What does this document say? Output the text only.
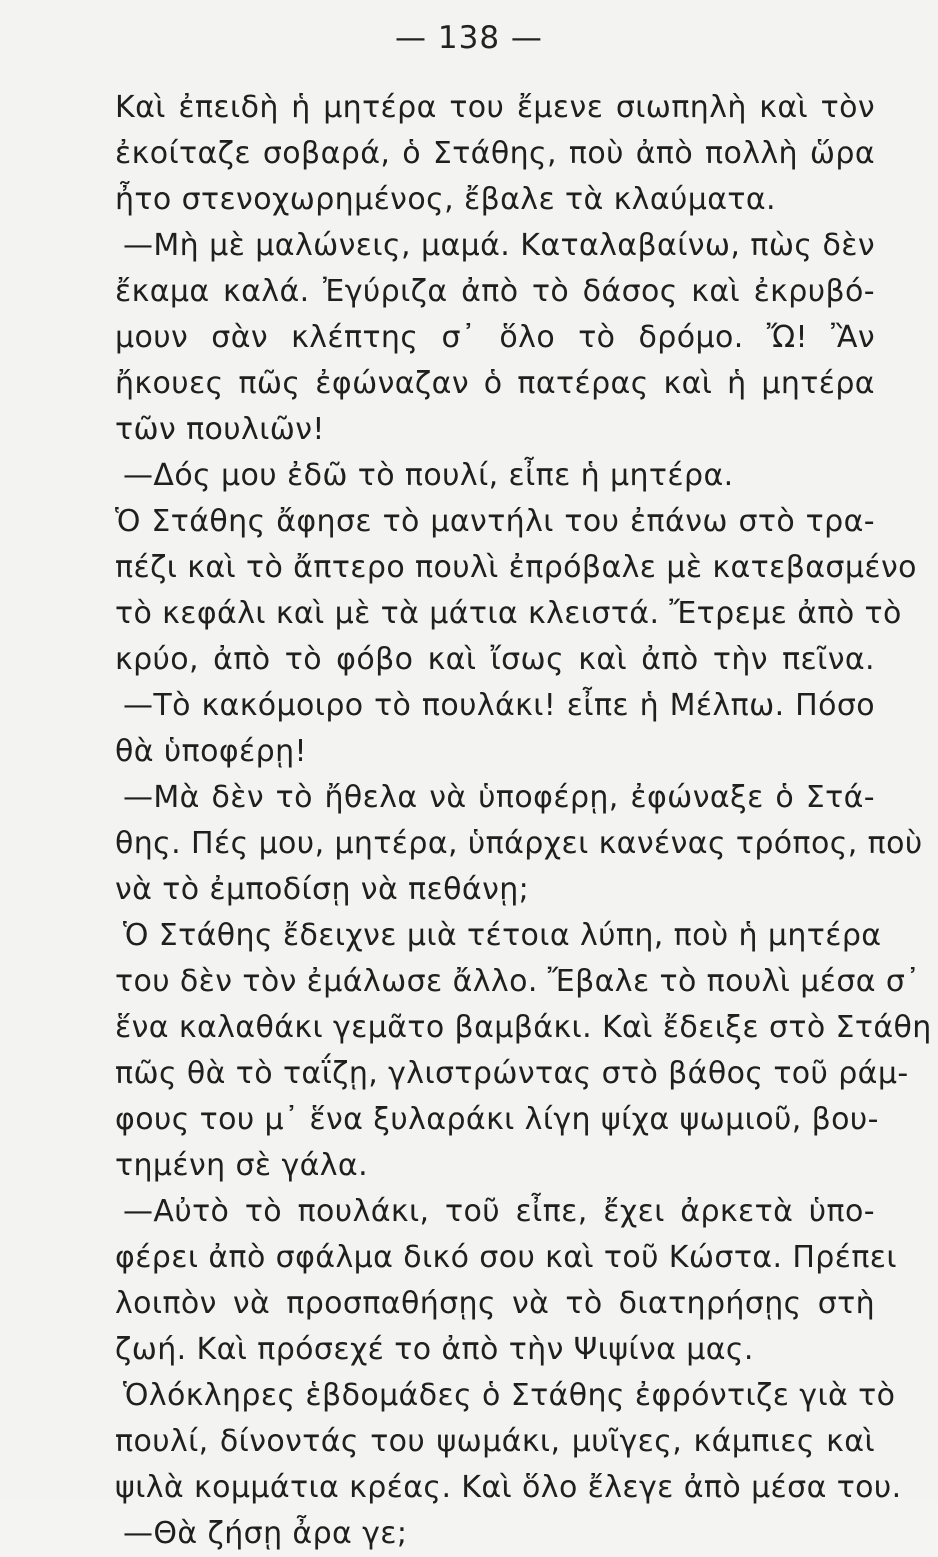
— 138 —
Καὶ ἐπειδὴ ἡ μητέρα του ἔμενε σιωπηλὴ καὶ τὸν
ἐκοίταζε σοβαρά, ὁ Στάθης, ποὺ ἀπὸ πολλὴ ὥρα
ἦτο στενοχωρημένος, ἔβαλε τὰ κλαύματα.
—Μὴ μὲ μαλώνεις, μαμά. Καταλαβαίνω, πὼς δὲν
ἔκαμα καλά. Ἐγύριζα ἀπὸ τὸ δάσος καὶ ἐκρυβό-
μουν σὰν κλέπτης σ᾽ ὅλο τὸ δρόμο. Ὤ! Ἂν
ἤκουες πῶς ἐφώναζαν ὁ πατέρας καὶ ἡ μητέρα
τῶν πουλιῶν!
—Δός μου ἐδῶ τὸ πουλί, εἶπε ἡ μητέρα.
Ὁ Στάθης ἄφησε τὸ μαντήλι του ἐπάνω στὸ τρα-
πέζι καὶ τὸ ἄπτερο πουλὶ ἐπρόβαλε μὲ κατεβασμένο
τὸ κεφάλι καὶ μὲ τὰ μάτια κλειστά. Ἔτρεμε ἀπὸ τὸ
κρύο, ἀπὸ τὸ φόβο καὶ ἴσως καὶ ἀπὸ τὴν πεῖνα.
—Τὸ κακόμοιρο τὸ πουλάκι! εἶπε ἡ Μέλπω. Πόσο
θὰ ὑποφέρῃ!
—Μὰ δὲν τὸ ἤθελα νὰ ὑποφέρῃ, ἐφώναξε ὁ Στά-
θης. Πές μου, μητέρα, ὑπάρχει κανένας τρόπος, ποὺ
νὰ τὸ ἐμποδίσῃ νὰ πεθάνῃ;
Ὁ Στάθης ἔδειχνε μιὰ τέτοια λύπη, ποὺ ἡ μητέρα
του δὲν τὸν ἐμάλωσε ἄλλο. Ἔβαλε τὸ πουλὶ μέσα σ᾽
ἕνα καλαθάκι γεμᾶτο βαμβάκι. Καὶ ἔδειξε στὸ Στάθη
πῶς θὰ τὸ ταΐζῃ, γλιστρώντας στὸ βάθος τοῦ ράμ-
φους του μ᾽ ἕνα ξυλαράκι λίγη ψίχα ψωμιοῦ, βου-
τημένη σὲ γάλα.
—Αὐτὸ τὸ πουλάκι, τοῦ εἶπε, ἔχει ἀρκετὰ ὑπο-
φέρει ἀπὸ σφάλμα δικό σου καὶ τοῦ Κώστα. Πρέπει
λοιπὸν νὰ προσπαθήσῃς νὰ τὸ διατηρήσῃς στὴ
ζωή. Καὶ πρόσεχέ το ἀπὸ τὴν Ψιψίνα μας.
Ὁλόκληρες ἑβδομάδες ὁ Στάθης ἐφρόντιζε γιὰ τὸ
πουλί, δίνοντάς του ψωμάκι, μυῖγες, κάμπιες καὶ
ψιλὰ κομμάτια κρέας. Καὶ ὅλο ἔλεγε ἀπὸ μέσα του.
—Θὰ ζήσῃ ἆρα γε;
